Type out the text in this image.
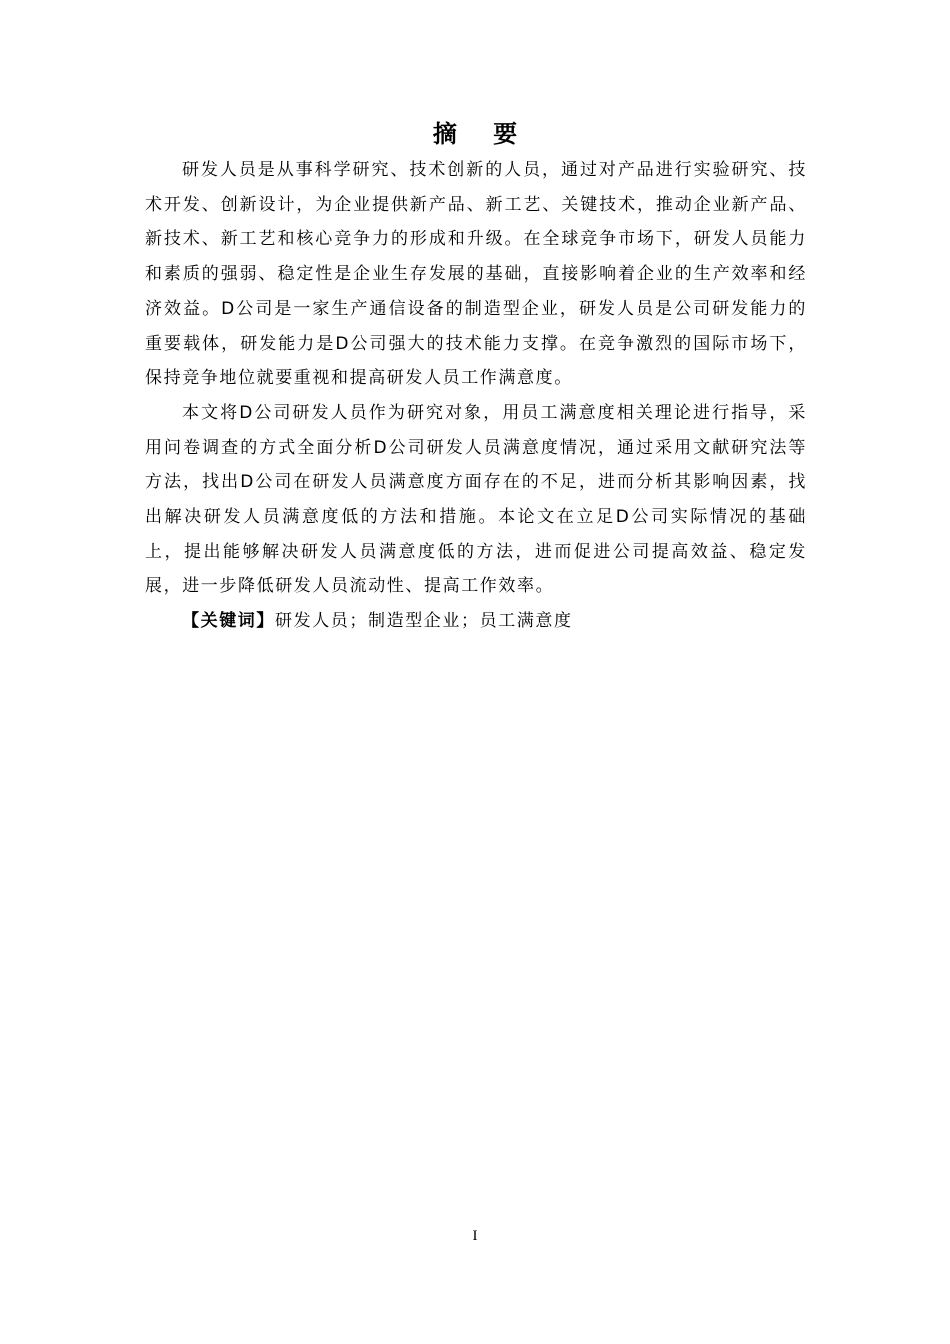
摘 要

研发人员是从事科学研究、技术创新的人员，通过对产品进行实验研究、技术开发、创新设计，为企业提供新产品、新工艺、关键技术，推动企业新产品、新技术、新工艺和核心竞争力的形成和升级。在全球竞争市场下，研发人员能力和素质的强弱、稳定性是企业生存发展的基础，直接影响着企业的生产效率和经济效益。D公司是一家生产通信设备的制造型企业，研发人员是公司研发能力的重要载体，研发能力是D公司强大的技术能力支撑。在竞争激烈的国际市场下，保持竞争地位就要重视和提高研发人员工作满意度。

本文将D公司研发人员作为研究对象，用员工满意度相关理论进行指导，采用问卷调查的方式全面分析D公司研发人员满意度情况，通过采用文献研究法等方法，找出D公司在研发人员满意度方面存在的不足，进而分析其影响因素，找出解决研发人员满意度低的方法和措施。本论文在立足D公司实际情况的基础上，提出能够解决研发人员满意度低的方法，进而促进公司提高效益、稳定发展，进一步降低研发人员流动性、提高工作效率。

【关键词】研发人员；制造型企业；员工满意度

I
